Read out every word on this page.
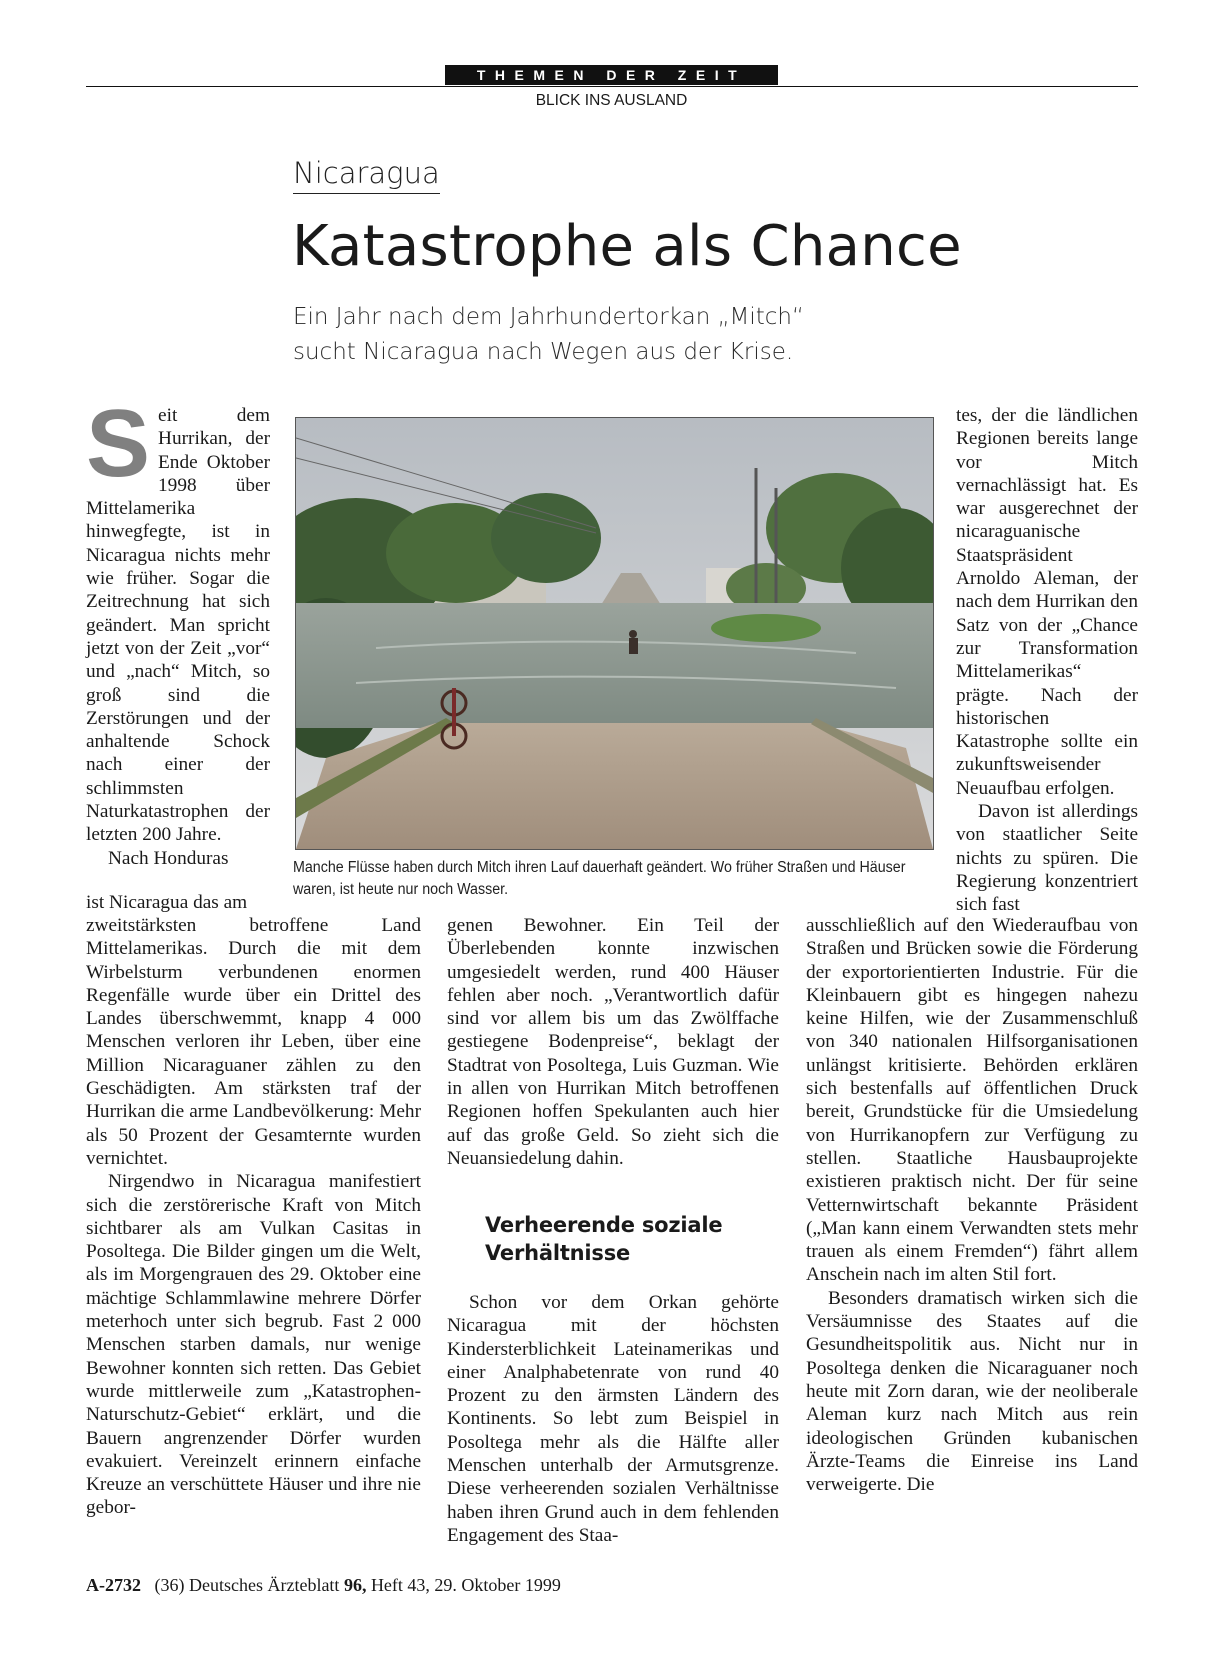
THEMEN DER ZEIT
BLICK INS AUSLAND
Nicaragua
Katastrophe als Chance
Ein Jahr nach dem Jahrhundertorkan „Mitch“
sucht Nicaragua nach Wegen aus der Krise.

Seit dem Hurrikan, der Ende Oktober 1998 über Mittelamerika hinwegfegte, ist in Nicaragua nichts mehr wie früher. Sogar die Zeitrechnung hat sich geändert. Man spricht jetzt von der Zeit „vor“ und „nach“ Mitch, so groß sind die Zerstörungen und der anhaltende Schock nach einer der schlimmsten Naturkatastrophen der letzten 200 Jahre.

Nach Honduras

ist Nicaragua das am

zweitstärksten betroffene Land Mittelamerikas. Durch die mit dem Wirbelsturm verbundenen enormen Regenfälle wurde über ein Drittel des Landes überschwemmt, knapp 4 000 Menschen verloren ihr Leben, über eine Million Nicaraguaner zählen zu den Geschädigten. Am stärksten traf der Hurrikan die arme Landbevölkerung: Mehr als 50 Prozent der Gesamternte wurden vernichtet.

Nirgendwo in Nicaragua manifestiert sich die zerstörerische Kraft von Mitch sichtbarer als am Vulkan Casitas in Posoltega. Die Bilder gingen um die Welt, als im Morgengrauen des 29. Oktober eine mächtige Schlammlawine mehrere Dörfer meterhoch unter sich begrub. Fast 2 000 Menschen starben damals, nur wenige Bewohner konnten sich retten. Das Gebiet wurde mittlerweile zum „Katastrophen-Naturschutz-Gebiet“ erklärt, und die Bauern angrenzender Dörfer wurden evakuiert. Vereinzelt erinnern einfache Kreuze an verschüttete Häuser und ihre nie gebor-

genen Bewohner. Ein Teil der Überlebenden konnte inzwischen umgesiedelt werden, rund 400 Häuser fehlen aber noch. „Verantwortlich dafür sind vor allem bis um das Zwölffache gestiegene Bodenpreise“, beklagt der Stadtrat von Posoltega, Luis Guzman. Wie in allen von Hurrikan Mitch betroffenen Regionen hoffen Spekulanten auch hier auf das große Geld. So zieht sich die Neuansiedelung dahin.

Verheerende soziale Verhältnisse

Schon vor dem Orkan gehörte Nicaragua mit der höchsten Kindersterblichkeit Lateinamerikas und einer Analphabetenrate von rund 40 Prozent zu den ärmsten Ländern des Kontinents. So lebt zum Beispiel in Posoltega mehr als die Hälfte aller Menschen unterhalb der Armutsgrenze. Diese verheerenden sozialen Verhältnisse haben ihren Grund auch in dem fehlenden Engagement des Staa-

tes, der die ländlichen Regionen bereits lange vor Mitch vernachlässigt hat. Es war ausgerechnet der nicaraguanische Staatspräsident Arnoldo Aleman, der nach dem Hurrikan den Satz von der „Chance zur Transformation Mittelamerikas“ prägte. Nach der historischen Katastrophe sollte ein zukunftsweisender Neuaufbau erfolgen.

Davon ist allerdings von staatlicher Seite nichts zu spüren. Die Regierung konzentriert sich fast

ausschließlich auf den Wiederaufbau von Straßen und Brücken sowie die Förderung der exportorientierten Industrie. Für die Kleinbauern gibt es hingegen nahezu keine Hilfen, wie der Zusammenschluß von 340 nationalen Hilfsorganisationen unlängst kritisierte. Behörden erklären sich bestenfalls auf öffentlichen Druck bereit, Grundstücke für die Umsiedelung von Hurrikanopfern zur Verfügung zu stellen. Staatliche Hausbauprojekte existieren praktisch nicht. Der für seine Vetternwirtschaft bekannte Präsident („Man kann einem Verwandten stets mehr trauen als einem Fremden“) fährt allem Anschein nach im alten Stil fort.

Besonders dramatisch wirken sich die Versäumnisse des Staates auf die Gesundheitspolitik aus. Nicht nur in Posoltega denken die Nicaraguaner noch heute mit Zorn daran, wie der neoliberale Aleman kurz nach Mitch aus rein ideologischen Gründen kubanischen Ärzte-Teams die Einreise ins Land verweigerte. Die

Manche Flüsse haben durch Mitch ihren Lauf dauerhaft geändert. Wo früher Straßen und Häuser
waren, ist heute nur noch Wasser.
A-2732 (36) Deutsches Ärzteblatt 96, Heft 43, 29. Oktober 1999
